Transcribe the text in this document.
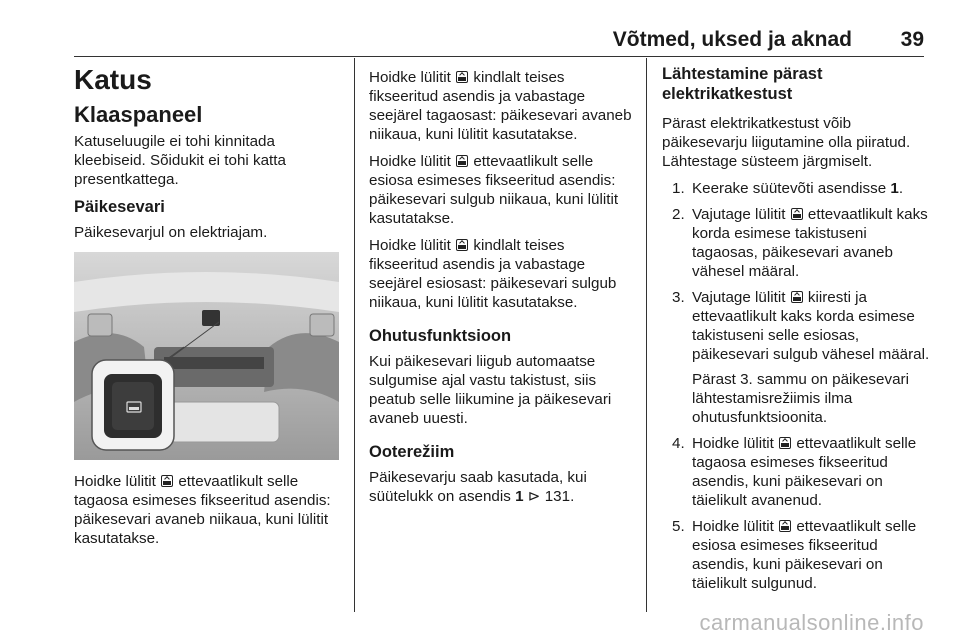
Võtmed, uksed ja aknad 39
Katus
Klaaspaneel

Katuseluugile ei tohi kinnitada kleebiseid. Sõidukit ei tohi katta presentkattega.

Päikesevari

Päikesevarjul on elektriajam.

Hoidke lülitit ettevaatlikult selle tagaosa esimeses fikseeritud asendis: päikesevari avaneb niikaua, kuni lülitit kasutatakse.

Hoidke lülitit kindlalt teises fikseeritud asendis ja vabastage seejärel tagaosast: päikesevari avaneb niikaua, kuni lülitit kasutatakse.

Hoidke lülitit ettevaatlikult selle esiosa esimeses fikseeritud asendis: päikesevari sulgub niikaua, kuni lülitit kasutatakse.

Hoidke lülitit kindlalt teises fikseeritud asendis ja vabastage seejärel esiosast: päikesevari sulgub niikaua, kuni lülitit kasutatakse.

Ohutusfunktsioon

Kui päikesevari liigub automaatse sulgumise ajal vastu takistust, siis peatub selle liikumine ja päikesevari avaneb uuesti.

Ooterežiim

Päikesevarju saab kasutada, kui süütelukk on asendis 1 ⊳ 131.

Lähtestamine pärast elektrikatkestust

Pärast elektrikatkestust võib päikesevarju liigutamine olla piiratud. Lähtestage süsteem järgmiselt.

1. Keerake süütevõti asendisse 1.
2. Vajutage lülitit ettevaatlikult kaks korda esimese takistuseni tagaosas, päikesevari avaneb vähesel määral.
3. Vajutage lülitit kiiresti ja ettevaatlikult kaks korda esimese takistuseni selle esiosas, päikesevari sulgub vähesel määral.
Pärast 3. sammu on päikesevari lähtestamisrežiimis ilma ohutusfunktsioonita.
4. Hoidke lülitit ettevaatlikult selle tagaosa esimeses fikseeritud asendis, kuni päikesevari on täielikult avanenud.
5. Hoidke lülitit ettevaatlikult selle esiosa esimeses fikseeritud asendis, kuni päikesevari on täielikult sulgunud.
carmanualsonline.info
